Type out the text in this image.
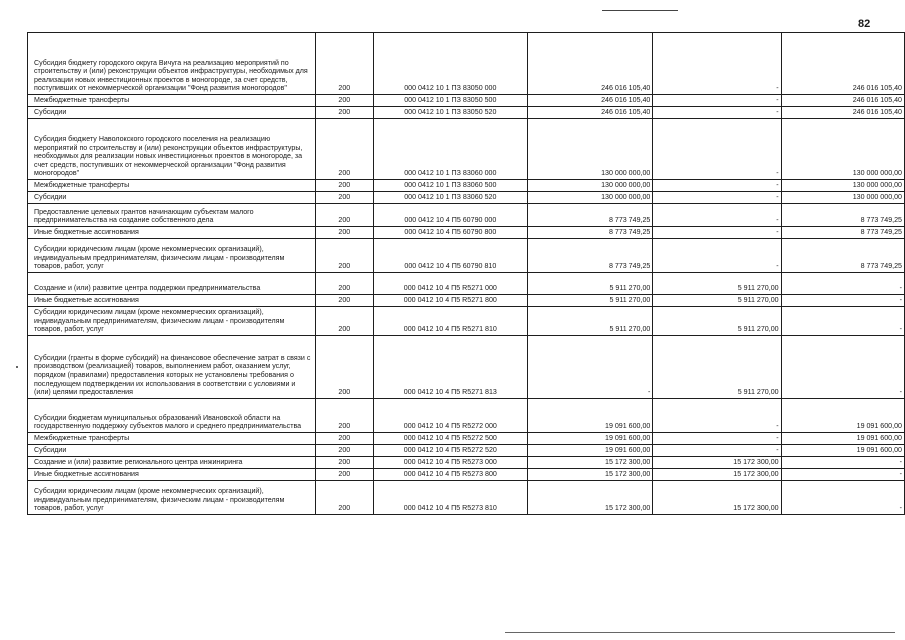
82
Субсидия бюджету городского округа Вичуга на реализацию мероприятий по строительству и (или) реконструкции объектов инфраструктуры, необходимых для реализации новых инвестиционных проектов в моногороде, за счет средств, поступивших от некоммерческой организации "Фонд развития моногородов"	200	000 0412 10 1 ПЗ 83050 000	246 016 105,40	-	246 016 105,40
Межбюджетные трансферты	200	000 0412 10 1 ПЗ 83050 500	246 016 105,40	-	246 016 105,40
Субсидии	200	000 0412 10 1 ПЗ 83050 520	246 016 105,40	-	246 016 105,40
Субсидия бюджету Наволокского городского поселения на реализацию мероприятий по строительству и (или) реконструкции объектов инфраструктуры, необходимых для реализации новых инвестиционных проектов в моногороде, за счет средств, поступивших от некоммерческой организации "Фонд развития моногородов"	200	000 0412 10 1 ПЗ 83060 000	130 000 000,00	-	130 000 000,00
Межбюджетные трансферты	200	000 0412 10 1 ПЗ 83060 500	130 000 000,00	-	130 000 000,00
Субсидии	200	000 0412 10 1 ПЗ 83060 520	130 000 000,00	-	130 000 000,00
Предоставление целевых грантов начинающим субъектам малого предпринимательства на создание собственного дела	200	000 0412 10 4 П5 60790 000	8 773 749,25	-	8 773 749,25
Иные бюджетные ассигнования	200	000 0412 10 4 П5 60790 800	8 773 749,25	-	8 773 749,25
Субсидии юридическим лицам (кроме некоммерческих организаций), индивидуальным предпринимателям, физическим лицам - производителям товаров, работ, услуг	200	000 0412 10 4 П5 60790 810	8 773 749,25	-	8 773 749,25
Создание и (или) развитие центра поддержки предпринимательства	200	000 0412 10 4 П5 R5271 000	5 911 270,00	5 911 270,00	-
Иные бюджетные ассигнования	200	000 0412 10 4 П5 R5271 800	5 911 270,00	5 911 270,00	-
Субсидии юридическим лицам (кроме некоммерческих организаций), индивидуальным предпринимателям, физическим лицам - производителям товаров, работ, услуг	200	000 0412 10 4 П5 R5271 810	5 911 270,00	5 911 270,00	-
Субсидии (гранты в форме субсидий) на финансовое обеспечение затрат в связи с производством (реализацией) товаров, выполнением работ, оказанием услуг, порядком (правилами) предоставления которых не установлены требования о последующем подтверждении их использования в соответствии с условиями и (или) целями предоставления	200	000 0412 10 4 П5 R5271 813	-	5 911 270,00	-
Субсидии бюджетам муниципальных образований Ивановской области на государственную поддержку субъектов малого и среднего предпринимательства	200	000 0412 10 4 П5 R5272 000	19 091 600,00	-	19 091 600,00
Межбюджетные трансферты	200	000 0412 10 4 П5 R5272 500	19 091 600,00	-	19 091 600,00
Субсидии	200	000 0412 10 4 П5 R5272 520	19 091 600,00	-	19 091 600,00
Создание и (или) развитие регионального центра инжиниринга	200	000 0412 10 4 П5 R5273 000	15 172 300,00	15 172 300,00	-
Иные бюджетные ассигнования	200	000 0412 10 4 П5 R5273 800	15 172 300,00	15 172 300,00	-
Субсидии юридическим лицам (кроме некоммерческих организаций), индивидуальным предпринимателям, физическим лицам - производителям товаров, работ, услуг	200	000 0412 10 4 П5 R5273 810	15 172 300,00	15 172 300,00	-
